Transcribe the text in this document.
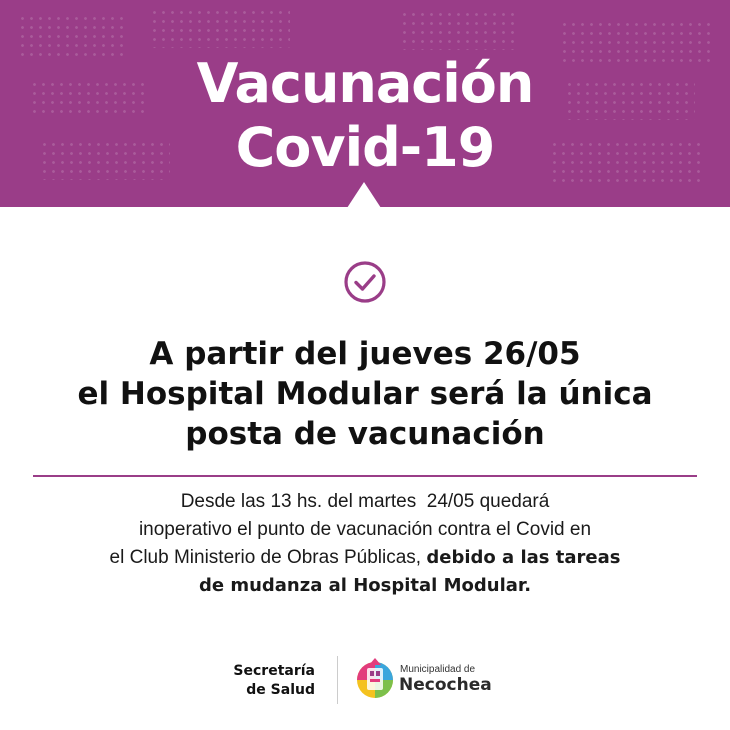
Vacunación
Covid-19
A partir del jueves 26/05
el Hospital Modular será la única
posta de vacunación
Desde las 13 hs. del martes  24/05 quedará
inoperativo el punto de vacunación contra el Covid en
el Club Ministerio de Obras Públicas, debido a las tareas
de mudanza al Hospital Modular.
Secretaría
de Salud
Municipalidad de
Necochea
